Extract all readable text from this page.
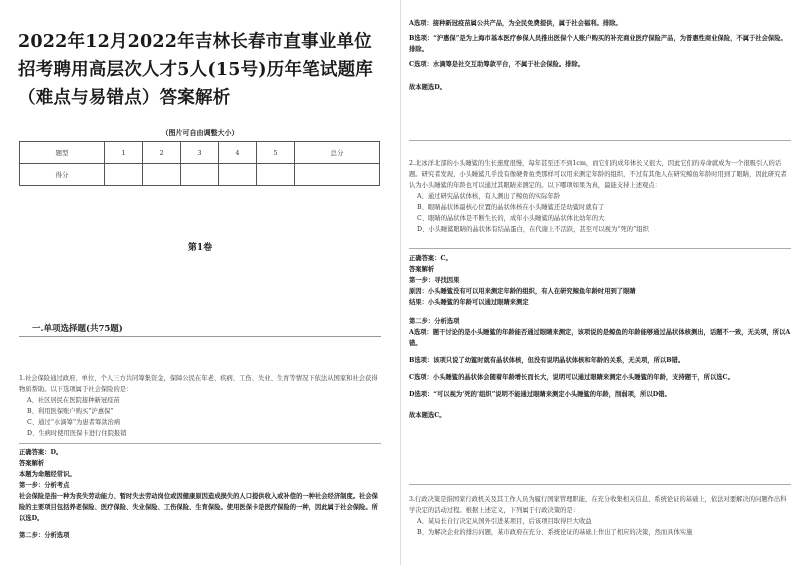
2022年12月2022年吉林长春市直事业单位招考聘用高层次人才5人(15号)历年笔试题库（难点与易错点）答案解析
（图片可自由调整大小）
题型	1	2	3	4	5	总分
得分						
第1卷
一.单项选择题(共75题)

1.社会保险通过政府、单位、个人三方共同筹集资金，保障公民在年老、疾病、工伤、失业、生育等情况下依法从国家和社会获得物质帮助。以下选项属于社会保险的是：

A、社区居民在医院接种新冠疫苗

B、利用医保账户购买“沪惠保”

C、通过“水滴筹”为患者筹款治病

D、生病时使用医保卡进行住院报销

正确答案：D。

答案解析

本题为命题经常识。

第一步：分析考点

社会保险是指一种为丧失劳动能力、暂时失去劳动岗位或因健康原因造成损失的人口提供收入或补偿的一种社会经济制度。社会保险的主要项目包括养老保险、医疗保险、失业保险、工伤保险、生育保险。使用医保卡是医疗保险的一种，因此属于社会保险。所以选D。

第二步：分析选项

A选项：接种新冠疫苗属公共产品，为全民免费提供，属于社会福利。排除。

B选项：“沪惠保”是为上海市基本医疗参保人员推出医保个人账户购买的补充商业医疗保险产品，为普惠性商业保险，不属于社会保险。排除。

C选项：水滴筹是社交互助筹款平台，不属于社会保险。排除。

故本题选D。

2.北冰洋北部的小头睡鲨的生长速度很慢，每年甚至还不到1cm，而它们的成年体长又很大，因此它们的寿命就成为一个很吸引人的话题。研究者发现，小头睡鲨几乎没有像硬骨鱼类那样可以用来测定年龄的组织，不过有其他人在研究鲸鱼年龄时用到了眼睛，因此研究者认为小头睡鲨的年龄也可以通过其眼睛来测定的。以下哪项如果为真，最能支持上述观点：

A、通过研究晶状体核，有人测出了鲸鱼的实际年龄

B、眼睛晶状体最核心位置的晶状体核在小头睡鲨还是幼鲨时就有了

C、眼睛的晶状体是不断生长的，成年小头睡鲨的晶状体比幼年的大

D、小头睡鲨眼睛的晶状体有结晶蛋白，在代谢上不活跃，甚至可以视为“死的”组织

正确答案：C。

答案解析

第一步：寻找因果

原因：小头睡鲨没有可以用来测定年龄的组织，有人在研究鲸鱼年龄时用到了眼睛

结果：小头睡鲨的年龄可以通过眼睛来测定

第二步：分析选项

A选项：题干讨论的是小头睡鲨的年龄能否通过眼睛来测定，该项说的是鲸鱼的年龄能够通过晶状体核测出，话题不一致，无关项，所以A错。

B选项：该项只说了幼鲨时就有晶状体核，但没有说明晶状体核和年龄的关系，无关项，所以B错。

C选项：小头睡鲨的晶状体会随着年龄增长而长大，说明可以通过眼睛来测定小头睡鲨的年龄，支持题干，所以选C。

D选项：“可以视为‘死的’组织”说明不能通过眼睛来测定小头睡鲨的年龄，削弱项，所以D错。

故本题选C。

3.行政决策是指国家行政机关及其工作人员为履行国家管理职能，在充分收集相关信息、系统论证的基础上，依法对要解决的问题作出科学决定的活动过程。根据上述定义，下列属于行政决策的是：

A、某局长自行决定从国外引进某项目，后该项目取得巨大收益

B、为解决企业的排污问题，某市政府在充分、系统论证的基础上作出了相应的决策，然而具体实施
